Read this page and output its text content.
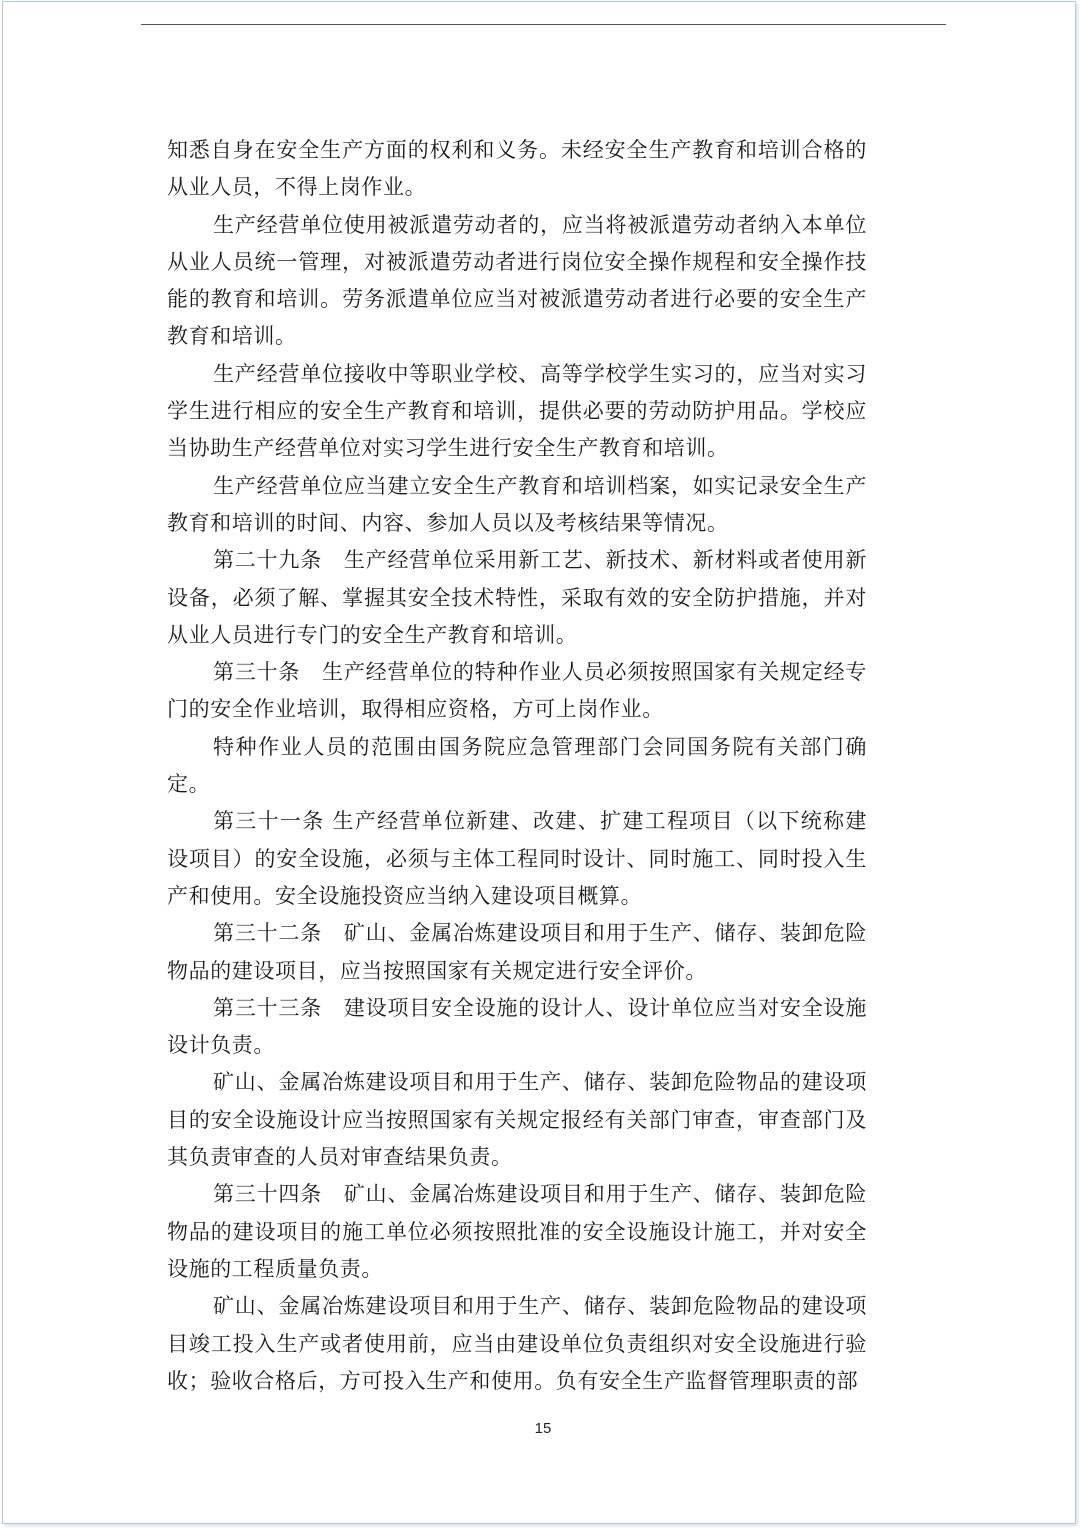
知悉自身在安全生产方面的权利和义务。未经安全生产教育和培训合格的从业人员，不得上岗作业。

生产经营单位使用被派遣劳动者的，应当将被派遣劳动者纳入本单位从业人员统一管理，对被派遣劳动者进行岗位安全操作规程和安全操作技能的教育和培训。劳务派遣单位应当对被派遣劳动者进行必要的安全生产教育和培训。

生产经营单位接收中等职业学校、高等学校学生实习的，应当对实习学生进行相应的安全生产教育和培训，提供必要的劳动防护用品。学校应当协助生产经营单位对实习学生进行安全生产教育和培训。

生产经营单位应当建立安全生产教育和培训档案，如实记录安全生产教育和培训的时间、内容、参加人员以及考核结果等情况。

第二十九条　生产经营单位采用新工艺、新技术、新材料或者使用新设备，必须了解、掌握其安全技术特性，采取有效的安全防护措施，并对从业人员进行专门的安全生产教育和培训。

第三十条　生产经营单位的特种作业人员必须按照国家有关规定经专门的安全作业培训，取得相应资格，方可上岗作业。

特种作业人员的范围由国务院应急管理部门会同国务院有关部门确定。

第三十一条 生产经营单位新建、改建、扩建工程项目（以下统称建设项目）的安全设施，必须与主体工程同时设计、同时施工、同时投入生产和使用。安全设施投资应当纳入建设项目概算。

第三十二条　矿山、金属冶炼建设项目和用于生产、储存、装卸危险物品的建设项目，应当按照国家有关规定进行安全评价。

第三十三条　建设项目安全设施的设计人、设计单位应当对安全设施设计负责。

矿山、金属冶炼建设项目和用于生产、储存、装卸危险物品的建设项目的安全设施设计应当按照国家有关规定报经有关部门审查，审查部门及其负责审查的人员对审查结果负责。

第三十四条　矿山、金属冶炼建设项目和用于生产、储存、装卸危险物品的建设项目的施工单位必须按照批准的安全设施设计施工，并对安全设施的工程质量负责。

矿山、金属冶炼建设项目和用于生产、储存、装卸危险物品的建设项目竣工投入生产或者使用前，应当由建设单位负责组织对安全设施进行验收；验收合格后，方可投入生产和使用。负有安全生产监督管理职责的部

15
